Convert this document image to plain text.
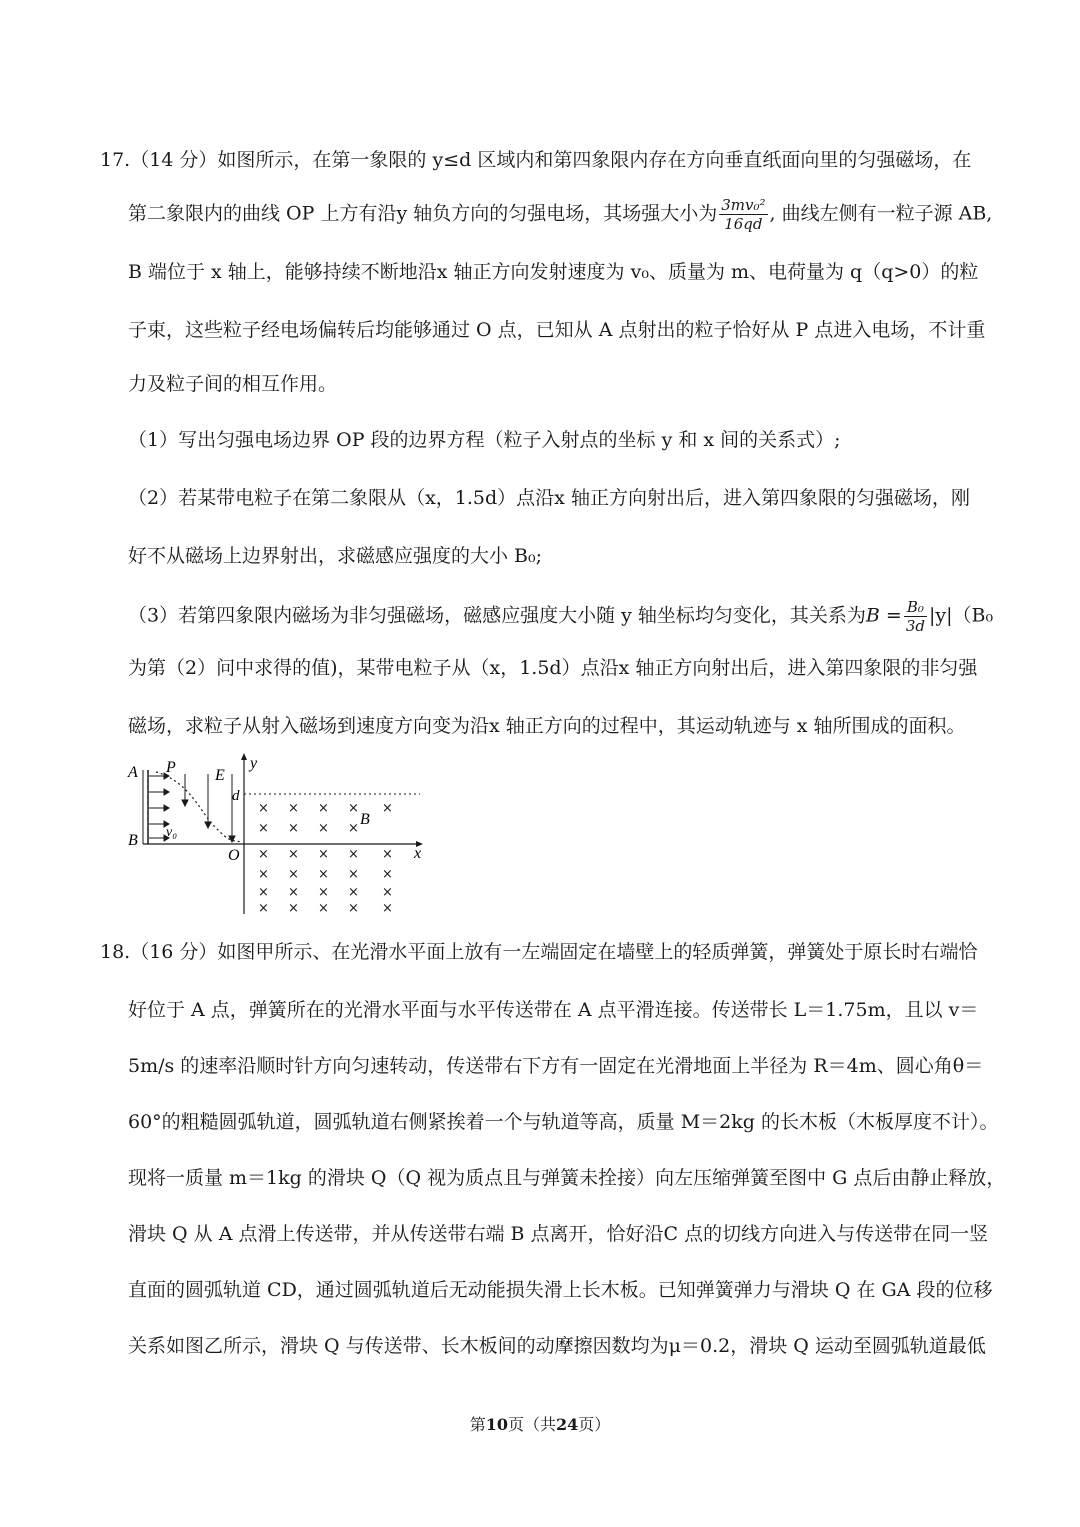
17.（14 分）如图所示，在第一象限的 y≤d 区域内和第四象限内存在方向垂直纸面向里的匀强磁场，在
第二象限内的曲线 OP 上方有沿y 轴负方向的匀强电场，其场强大小为 $\frac{\text{3mv₀²}}{16qd}$ , 曲线左侧有一粒子源 AB,
B 端位于 x 轴上，能够持续不断地沿x 轴正方向发射速度为 v₀、质量为 m、电荷量为 q（q>0）的粒
子束，这些粒子经电场偏转后均能够通过 O 点，已知从 A 点射出的粒子恰好从 P 点进入电场，不计重
力及粒子间的相互作用。
（1）写出匀强电场边界 OP 段的边界方程（粒子入射点的坐标 y 和 x 间的关系式）;
（2）若某带电粒子在第二象限从（x，1.5d）点沿x 轴正方向射出后，进入第四象限的匀强磁场，刚
好不从磁场上边界射出，求磁感应强度的大小 B₀;
（3）若第四象限内磁场为非匀强磁场，磁感应强度大小随 y 轴坐标均匀变化，其关系为$B = \frac{\text{B₀}}{3d} |y|(B_0$
为第（2）问中求得的值)，某带电粒子从（x，1.5d）点沿x 轴正方向射出后，进入第四象限的非匀强
磁场，求粒子从射入磁场到速度方向变为沿x 轴正方向的过程中，其运动轨迹与 x 轴所围成的面积。
A P E
y
d
B
B v₀
O	x
× × × × ×
× × × ×
× × × × ×
× × × × ×
× × × × ×
× × × × ×
18.（16 分）如图甲所示、在光滑水平面上放有一左端固定在墙壁上的轻质弹簧，弹簧处于原长时右端恰
好位于 A 点，弹簧所在的光滑水平面与水平传送带在 A 点平滑连接。传送带长 L＝1.75m，且以 v＝
5m/s 的速率沿顺时针方向匀速转动，传送带右下方有一固定在光滑地面上半径为 R＝4m、圆心角θ＝
60°的粗糙圆弧轨道，圆弧轨道右侧紧挨着一个与轨道等高，质量 M＝2kg 的长木板（木板厚度不计）。
现将一质量 m＝1kg 的滑块 Q（Q 视为质点且与弹簧未拴接）向左压缩弹簧至图中 G 点后由静止释放，
滑块 Q 从 A 点滑上传送带，并从传送带右端 B 点离开，恰好沿C 点的切线方向进入与传送带在同一竖
直面的圆弧轨道 CD，通过圆弧轨道后无动能损失滑上长木板。已知弹簧弹力与滑块 Q 在 GA 段的位移
关系如图乙所示，滑块 Q 与传送带、长木板间的动摩擦因数均为μ＝0.2，滑块 Q 运动至圆弧轨道最低
第10页（共24页）
